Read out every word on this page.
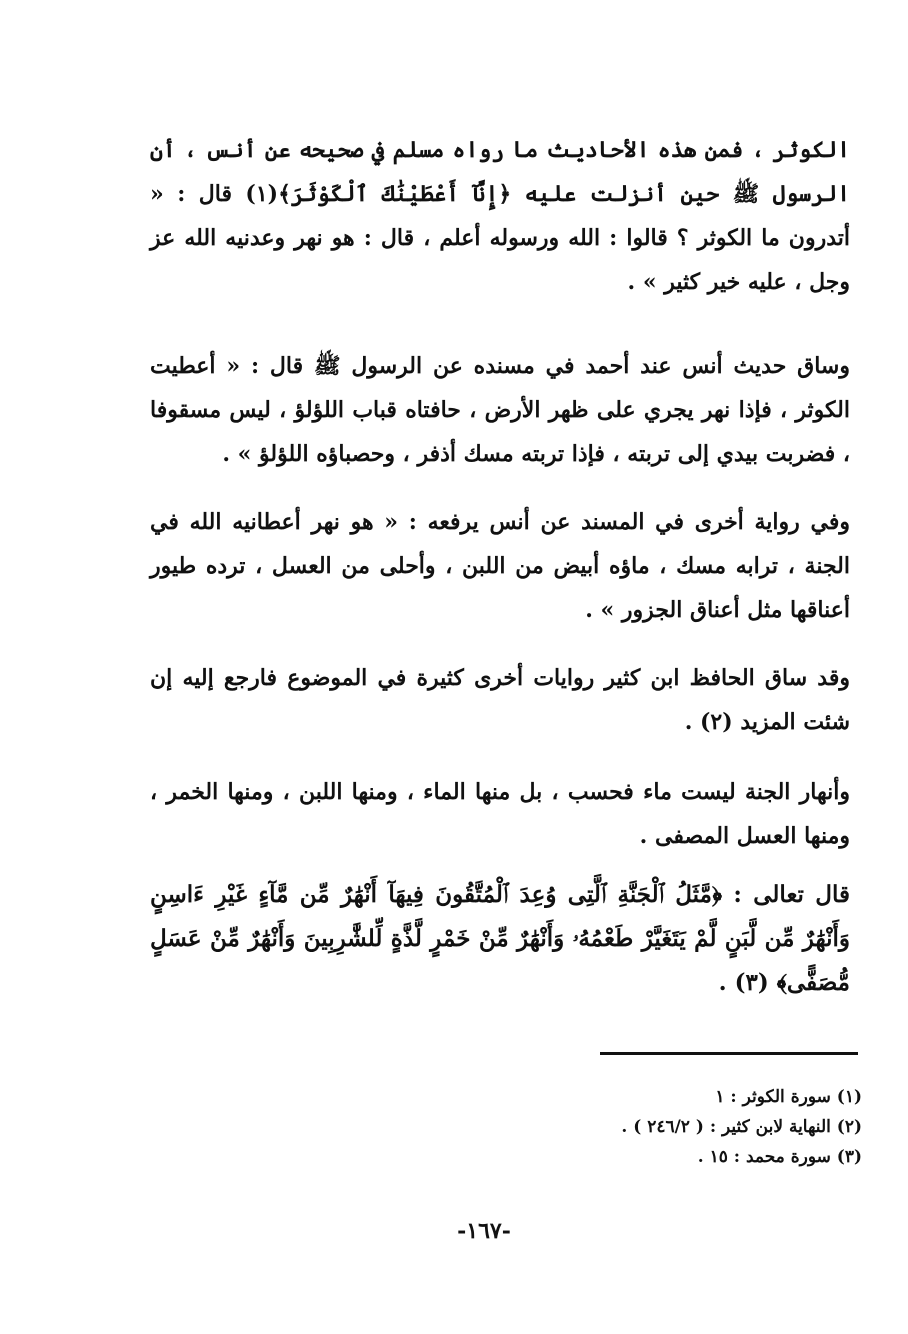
الكوثر ، فمن هذه الأحاديث ما رواه مسلم في صحيحه عن أنس ، أن الرسول ﷺ حين أنزلت عليه ﴿إِنَّآ أَعْطَيْنَٰكَ ٱلْكَوْثَرَ﴾(١) قال : « أتدرون ما الكوثر ؟ قالوا : الله ورسوله أعلم ، قال : هو نهر وعدنيه الله عز وجل ، عليه خير كثير » .

وساق حديث أنس عند أحمد في مسنده عن الرسول ﷺ قال : « أعطيت الكوثر ، فإذا نهر يجري على ظهر الأرض ، حافتاه قباب اللؤلؤ ، ليس مسقوفا ، فضربت بيدي إلى تربته ، فإذا تربته مسك أذفر ، وحصباؤه اللؤلؤ » .

وفي رواية أخرى في المسند عن أنس يرفعه : « هو نهر أعطانيه الله في الجنة ، ترابه مسك ، ماؤه أبيض من اللبن ، وأحلى من العسل ، ترده طيور أعناقها مثل أعناق الجزور » .

وقد ساق الحافظ ابن كثير روايات أخرى كثيرة في الموضوع فارجع إليه إن شئت المزيد (٢) .

وأنهار الجنة ليست ماء فحسب ، بل منها الماء ، ومنها اللبن ، ومنها الخمر ، ومنها العسل المصفى .

قال تعالى : ﴿مَّثَلُ ٱلْجَنَّةِ ٱلَّتِى وُعِدَ ٱلْمُتَّقُونَ فِيهَآ أَنْهَٰرٌ مِّن مَّآءٍ غَيْرِ ءَاسِنٍ وَأَنْهَٰرٌ مِّن لَّبَنٍ لَّمْ يَتَغَيَّرْ طَعْمُهُۥ وَأَنْهَٰرٌ مِّنْ خَمْرٍ لَّذَّةٍ لِّلشَّٰرِبِينَ وَأَنْهَٰرٌ مِّنْ عَسَلٍ مُّصَفًّى﴾ (٣) .

(١) سورة الكوثر : ١
(٢) النهاية لابن كثير : ( ٢٤٦/٢ ) .
(٣) سورة محمد : ١٥ .
-١٦٧-
